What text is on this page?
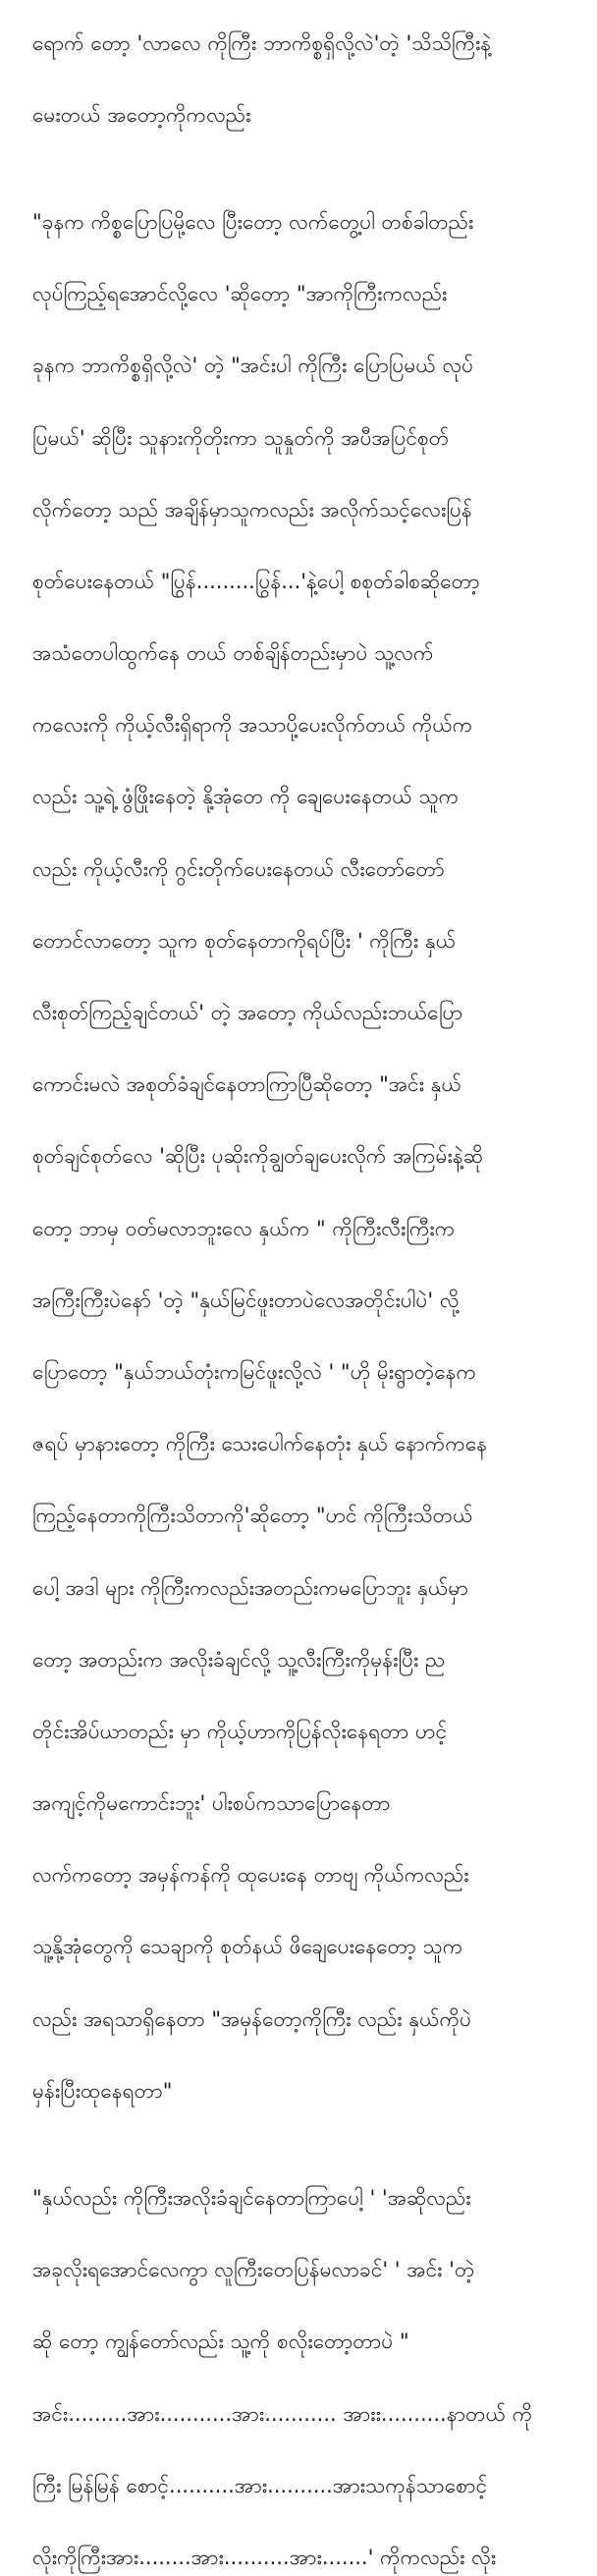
ရောက် တော့ 'လာလေ ကိုကြီး ဘာကိစ္စရှိလို့လဲ'တဲ့ 'သိသိကြီးနဲ့

မေးတယ် အတော့ကိုကလည်း

"ခုနက ကိစ္စပြောပြမို့လေ ပြီးတော့ လက်တွေ့ပါ တစ်ခါတည်း

လုပ်ကြည့်ရအောင်လို့လေ 'ဆိုတော့ "အာကိုကြီးကလည်း

ခုနက ဘာကိစ္စရှိလို့လဲ' တဲ့ "အင်းပါ ကိုကြီး ပြောပြမယ် လုပ်

ပြမယ်' ဆိုပြီး သူနားကိုတိုးကာ သူနှုတ်ကို အပီအပြင်စုတ်

လိုက်တော့ သည် အချိန်မှာသူကလည်း အလိုက်သင့်လေးပြန်

စုတ်ပေးနေတယ် "ပြွန်.........ပြွန်...'နဲ့ပေါ့ စစုတ်ခါစဆိုတော့

အသံတေပါထွက်နေ တယ် တစ်ချိန်တည်းမှာပဲ သူ့လက်

ကလေးကို ကိုယ့်လီးရှိရာကို အသာပို့ပေးလိုက်တယ် ကိုယ်က

လည်း သူ့ရဲ့ ဖွံဖြိုးနေတဲ့ နို့အုံတေ ကို ချေပေးနေတယ် သူက

လည်း ကိုယ့်လီးကို ဂွင်းတိုက်ပေးနေတယ် လီးတော်တော်

တောင်လာတော့ သူက စုတ်နေတာကိုရပ်ပြီး ' ကိုကြီး နှယ်

လီးစုတ်ကြည့်ချင်တယ်' တဲ့ အတော့ ကိုယ်လည်းဘယ်ပြော

ကောင်းမလဲ အစုတ်ခံချင်နေတာကြာပြီဆိုတော့ "အင်း နှယ်

စုတ်ချင်စုတ်လေ 'ဆိုပြီး ပုဆိုးကိုချွတ်ချပေးလိုက် အကြမ်းနဲ့ဆို

တော့ ဘာမှ ဝတ်မလာဘူးလေ နှယ်က " ကိုကြီးလီးကြီးက

အကြီးကြီးပဲနော် 'တဲ့ "နှယ်မြင်ဖူးတာပဲလေအတိုင်းပါပဲ' လို့

ပြောတော့ "နှယ်ဘယ်တုံးကမြင်ဖူးလို့လဲ ' "ဟို မိုးရွာတဲ့နေက

ဇရပ် မှာနားတော့ ကိုကြီး သေးပေါက်နေတုံး နှယ် နောက်ကနေ

ကြည့်နေတာကိုကြီးသိတာကို'ဆိုတော့ "ဟင် ကိုကြီးသိတယ်

ပေါ့ အဒါ များ ကိုကြီးကလည်းအတည်းကမပြောဘူး နှယ်မှာ

တော့ အတည်းက အလိုးခံချင်လို့ သူ့လီးကြီးကိုမှန်းပြီး ည

တိုင်းအိပ်ယာတည်း မှာ ကိုယ့်ဟာကိုပြန်လိုးနေရတာ ဟင့်

အကျင့်ကိုမကောင်းဘူး' ပါးစပ်ကသာပြောနေတာ

လက်ကတော့ အမှန်ကန်ကို ထုပေးနေ တာဗျ ကိုယ်ကလည်း

သူ့နို့အုံတွေကို သေချာကို စုတ်နယ် ဖိချေပေးနေတော့ သူက

လည်း အရသာရှိနေတာ "အမှန်တော့ကိုကြီး လည်း နှယ်ကိုပဲ

မှန်းပြီးထုနေရတာ"

"နှယ်လည်း ကိုကြီးအလိုးခံချင်နေတာကြာပေါ့ ' 'အဆိုလည်း

အခုလိုးရအောင်လေကွာ လူကြီးတေပြန်မလာခင်' ' အင်း 'တဲ့

ဆို တော့ ကျွန်တော်လည်း သူ့ကို စလိုးတော့တာပဲ "

အင်း.........အား...........အား........... အားး..........နာတယ် ကို

ကြီး မြန်မြန် စောင့်..........အား..........အားသကုန်သာစောင့်

လိုးကိုကြီးအား........အား..........အား.......' ကိုကလည်း လိုး
